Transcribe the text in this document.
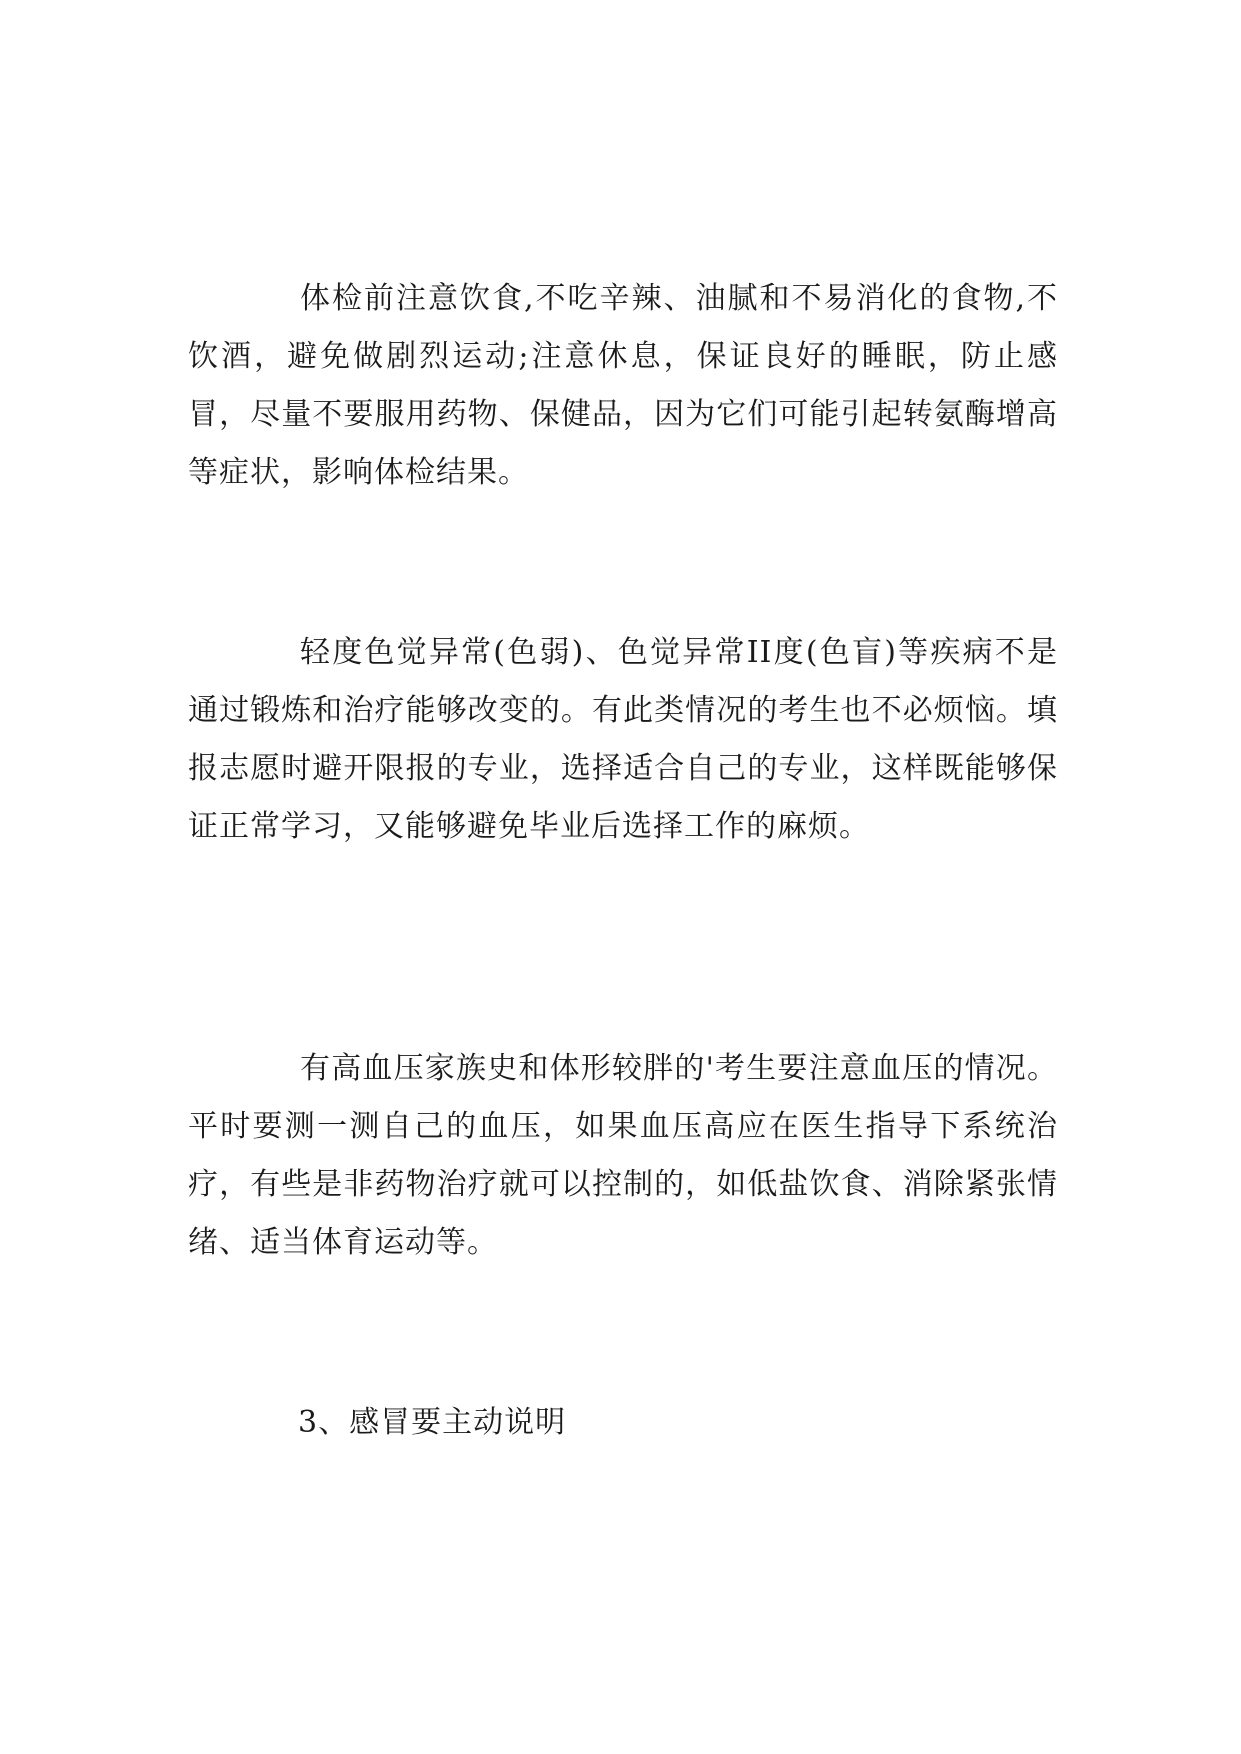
体检前注意饮食,不吃辛辣、油腻和不易消化的食物,不饮酒，避免做剧烈运动;注意休息，保证良好的睡眠，防止感冒，尽量不要服用药物、保健品，因为它们可能引起转氨酶增高等症状，影响体检结果。

轻度色觉异常(色弱)、色觉异常II度(色盲)等疾病不是通过锻炼和治疗能够改变的。有此类情况的考生也不必烦恼。填报志愿时避开限报的专业，选择适合自己的专业，这样既能够保证正常学习，又能够避免毕业后选择工作的麻烦。

有高血压家族史和体形较胖的'考生要注意血压的情况。平时要测一测自己的血压，如果血压高应在医生指导下系统治疗，有些是非药物治疗就可以控制的，如低盐饮食、消除紧张情绪、适当体育运动等。

3、感冒要主动说明
